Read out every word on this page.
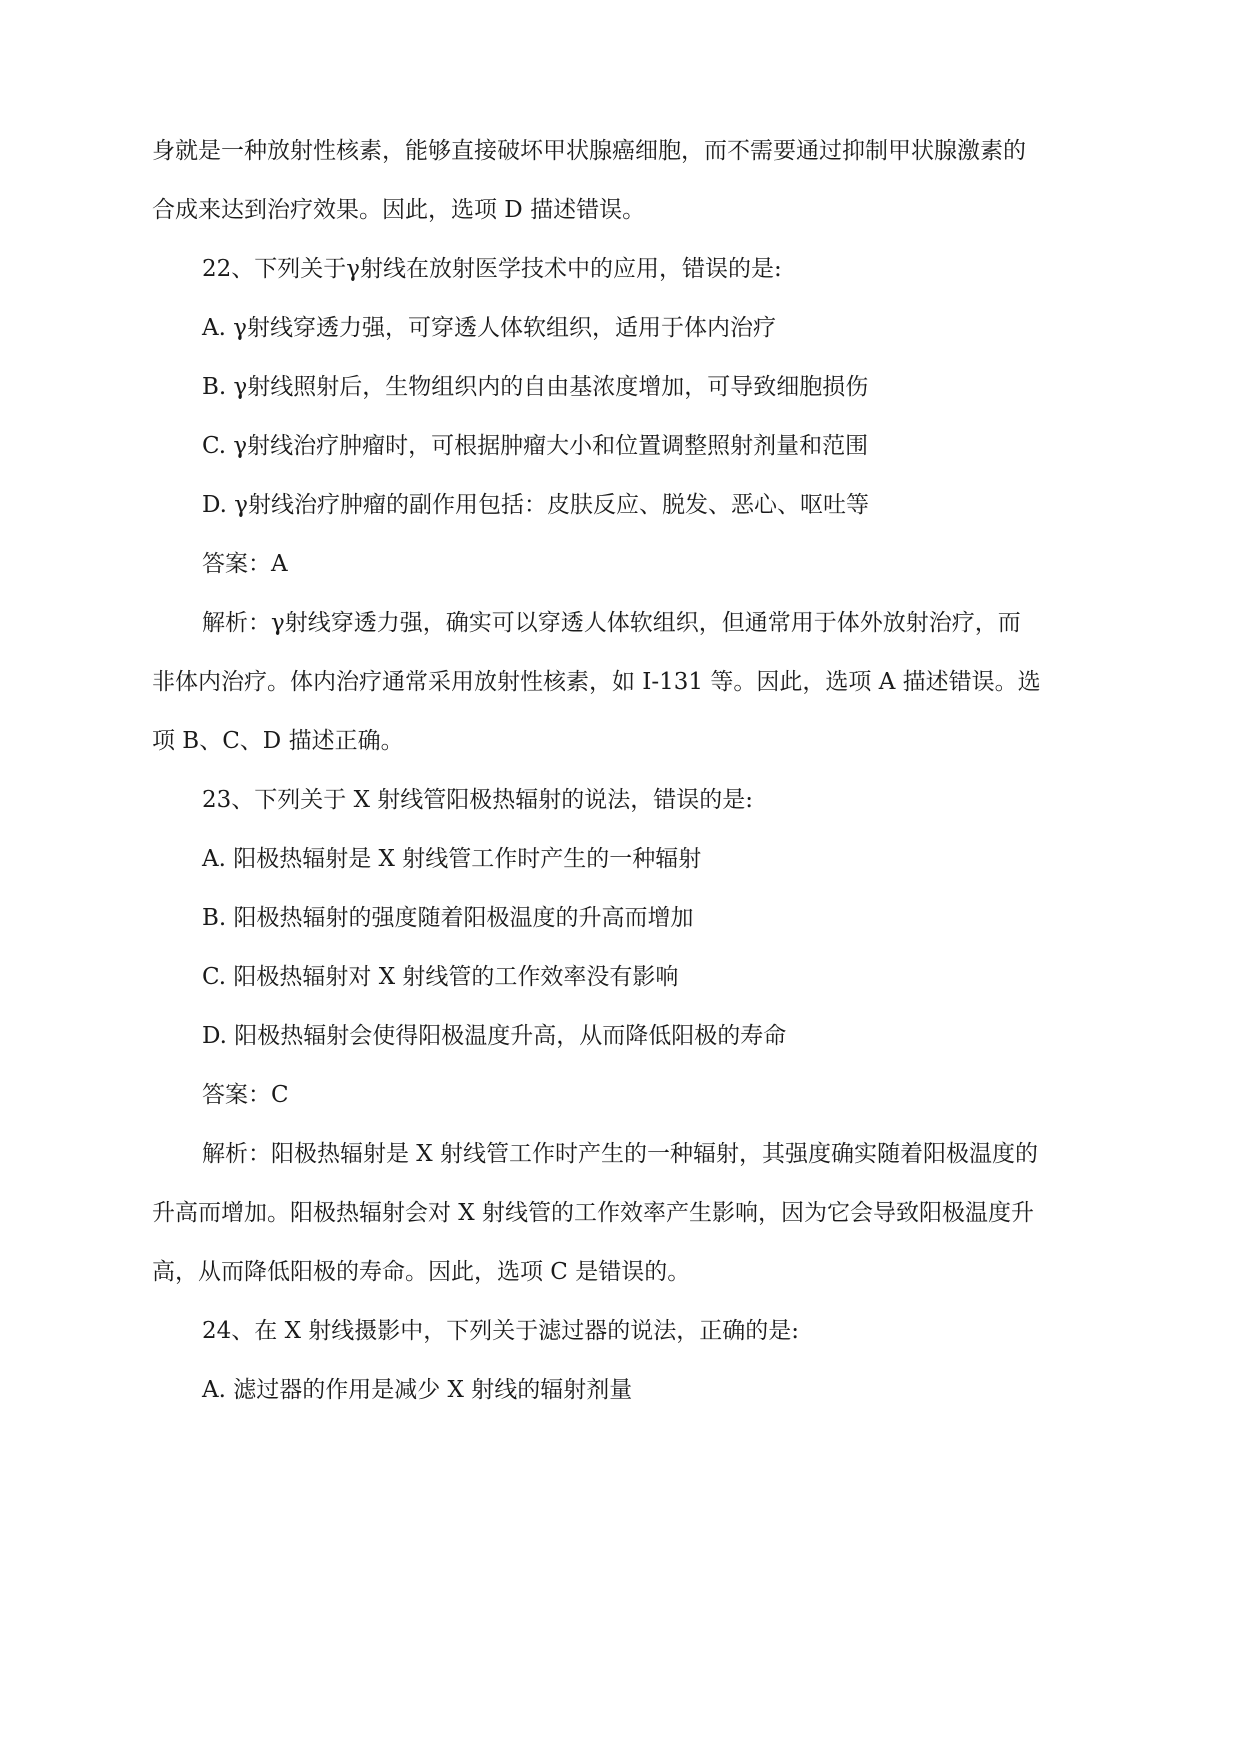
身就是一种放射性核素，能够直接破坏甲状腺癌细胞，而不需要通过抑制甲状腺激素的
合成来达到治疗效果。因此，选项 D 描述错误。
22、下列关于γ射线在放射医学技术中的应用，错误的是:
A. γ射线穿透力强，可穿透人体软组织，适用于体内治疗
B. γ射线照射后，生物组织内的自由基浓度增加，可导致细胞损伤
C. γ射线治疗肿瘤时，可根据肿瘤大小和位置调整照射剂量和范围
D. γ射线治疗肿瘤的副作用包括：皮肤反应、脱发、恶心、呕吐等
答案：A
解析：γ射线穿透力强，确实可以穿透人体软组织，但通常用于体外放射治疗，而
非体内治疗。体内治疗通常采用放射性核素，如 I-131 等。因此，选项 A 描述错误。选
项 B、C、D 描述正确。
23、下列关于 X 射线管阳极热辐射的说法，错误的是:
A. 阳极热辐射是 X 射线管工作时产生的一种辐射
B. 阳极热辐射的强度随着阳极温度的升高而增加
C. 阳极热辐射对 X 射线管的工作效率没有影响
D. 阳极热辐射会使得阳极温度升高，从而降低阳极的寿命
答案：C
解析：阳极热辐射是 X 射线管工作时产生的一种辐射，其强度确实随着阳极温度的
升高而增加。阳极热辐射会对 X 射线管的工作效率产生影响，因为它会导致阳极温度升
高，从而降低阳极的寿命。因此，选项 C 是错误的。
24、在 X 射线摄影中，下列关于滤过器的说法，正确的是:
A. 滤过器的作用是减少 X 射线的辐射剂量
